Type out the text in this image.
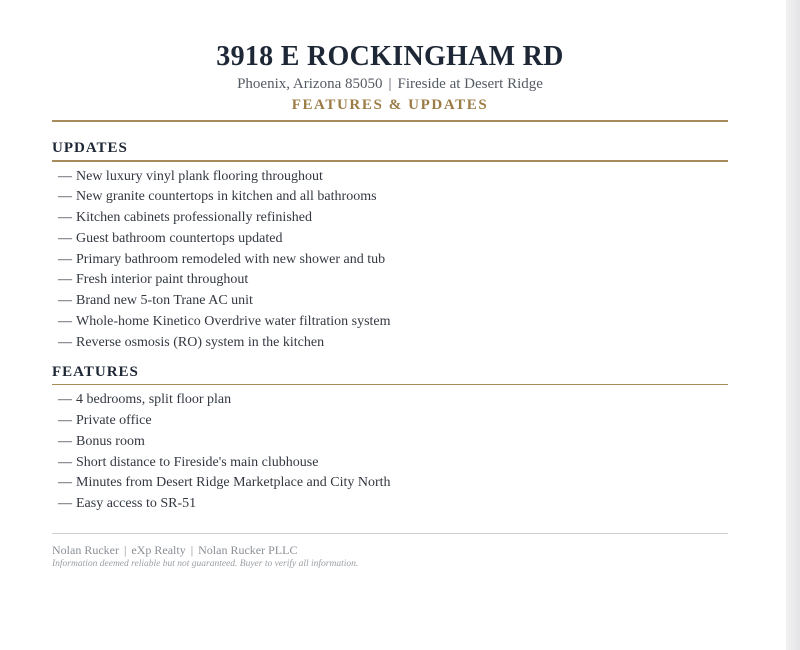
3918 E ROCKINGHAM RD
Phoenix, Arizona 85050 | Fireside at Desert Ridge
FEATURES & UPDATES
UPDATES
— New luxury vinyl plank flooring throughout
— New granite countertops in kitchen and all bathrooms
— Kitchen cabinets professionally refinished
— Guest bathroom countertops updated
— Primary bathroom remodeled with new shower and tub
— Fresh interior paint throughout
— Brand new 5-ton Trane AC unit
— Whole-home Kinetico Overdrive water filtration system
— Reverse osmosis (RO) system in the kitchen
FEATURES
— 4 bedrooms, split floor plan
— Private office
— Bonus room
— Short distance to Fireside's main clubhouse
— Minutes from Desert Ridge Marketplace and City North
— Easy access to SR-51
Nolan Rucker | eXp Realty | Nolan Rucker PLLC
Information deemed reliable but not guaranteed. Buyer to verify all information.
